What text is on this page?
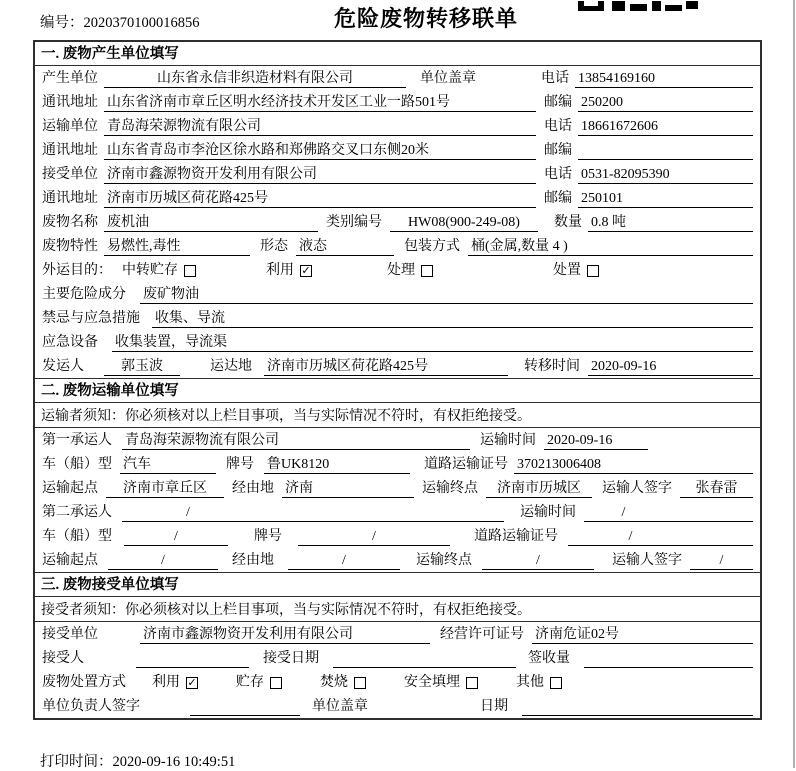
编号：2020370100016856	危险废物转移联单
一. 废物产生单位填写
产生单位	山东省永信非织造材料有限公司	单位盖章	电话 13854169160
通讯地址 山东省济南市章丘区明水经济技术开发区工业一路501号	邮编 250200
运输单位 青岛海荣源物流有限公司	电话 18661672606
通讯地址 山东省青岛市李沧区徐水路和郑佛路交叉口东侧20米	邮编
接受单位 济南市鑫源物资开发利用有限公司	电话 0531-82095390
通讯地址 济南市历城区荷花路425号	邮编 250101
废物名称 废机油	类别编号	HW08(900-249-08)	数量 0.8 吨
废物特性 易燃性,毒性	形态 液态	包装方式 桶(金属,数量 4 )
外运目的： 中转贮存	利用 ✓	处理	处置
主要危险成分 废矿物油
禁忌与应急措施 收集、导流
应急设备 收集装置，导流渠
发运人	郭玉波	运达地 济南市历城区荷花路425号	转移时间 2020-09-16
二. 废物运输单位填写
运输者须知：你必须核对以上栏目事项，当与实际情况不符时，有权拒绝接受。
第一承运人 青岛海荣源物流有限公司	运输时间 2020-09-16
车（船）型 汽车	牌号 鲁UK8120	道路运输证号 370213006408
运输起点	济南市章丘区	经由地 济南	运输终点	济南市历城区	运输人签字	张春雷
第二承运人	/	运输时间	/
车（船）型	/	牌号	/	道路运输证号	/
运输起点	/	经由地	/	运输终点	/	运输人签字	/
三. 废物接受单位填写
接受者须知：你必须核对以上栏目事项，当与实际情况不符时，有权拒绝接受。
接受单位	济南市鑫源物资开发利用有限公司	经营许可证号 济南危证02号
接受人	接受日期	签收量
废物处置方式 利用 ✓	贮存	焚烧	安全填埋	其他
单位负责人签字	单位盖章	日期
打印时间：2020-09-16 10:49:51
